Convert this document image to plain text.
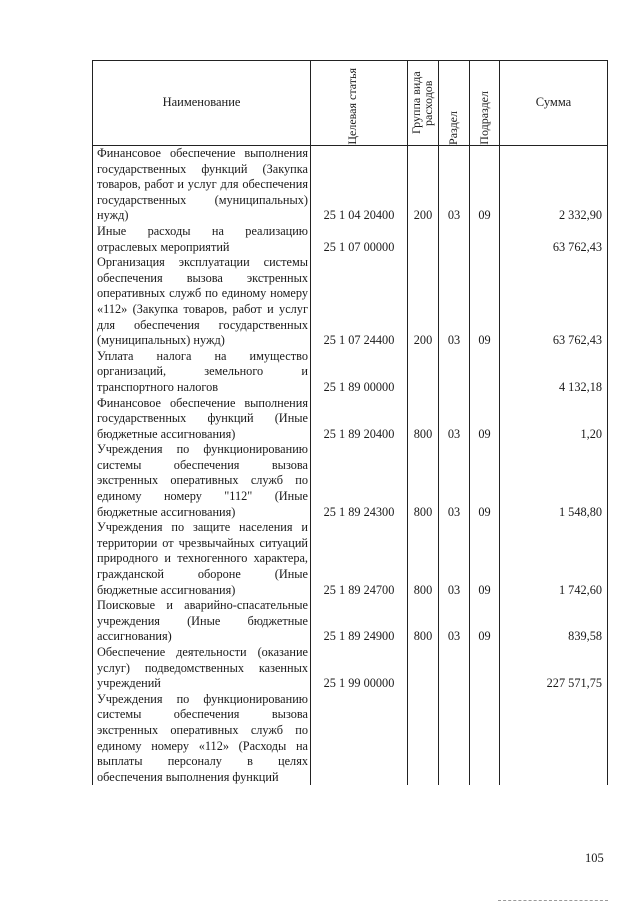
Наименование	Целевая статья	Группа вида расходов	Раздел	Подраздел	Сумма
Финансовое обеспечение выполнения государственных функций (Закупка товаров, работ и услуг для обеспечения государственных (муниципальных) нужд)	25 1 04 20400	200	03	09	2 332,90
Иные расходы на реализацию отраслевых мероприятий	25 1 07 00000				63 762,43
Организация эксплуатации системы обеспечения вызова экстренных оперативных служб по единому номеру «112» (Закупка товаров, работ и услуг для обеспечения государственных (муниципальных) нужд)	25 1 07 24400	200	03	09	63 762,43
Уплата налога на имущество организаций, земельного и транспортного налогов	25 1 89 00000				4 132,18
Финансовое обеспечение выполнения государственных функций (Иные бюджетные ассигнования)	25 1 89 20400	800	03	09	1,20
Учреждения по функционированию системы обеспечения вызова экстренных оперативных служб по единому номеру "112" (Иные бюджетные ассигнования)	25 1 89 24300	800	03	09	1 548,80
Учреждения по защите населения и территории от чрезвычайных ситуаций природного и техногенного характера, гражданской обороне (Иные бюджетные ассигнования)	25 1 89 24700	800	03	09	1 742,60
Поисковые и аварийно-спасательные учреждения (Иные бюджетные ассигнования)	25 1 89 24900	800	03	09	839,58
Обеспечение деятельности (оказание услуг) подведомственных казенных учреждений	25 1 99 00000				227 571,75
Учреждения по функционированию системы обеспечения вызова экстренных оперативных служб по единому номеру «112» (Расходы на выплаты персоналу в целях обеспечения выполнения функций					
105
